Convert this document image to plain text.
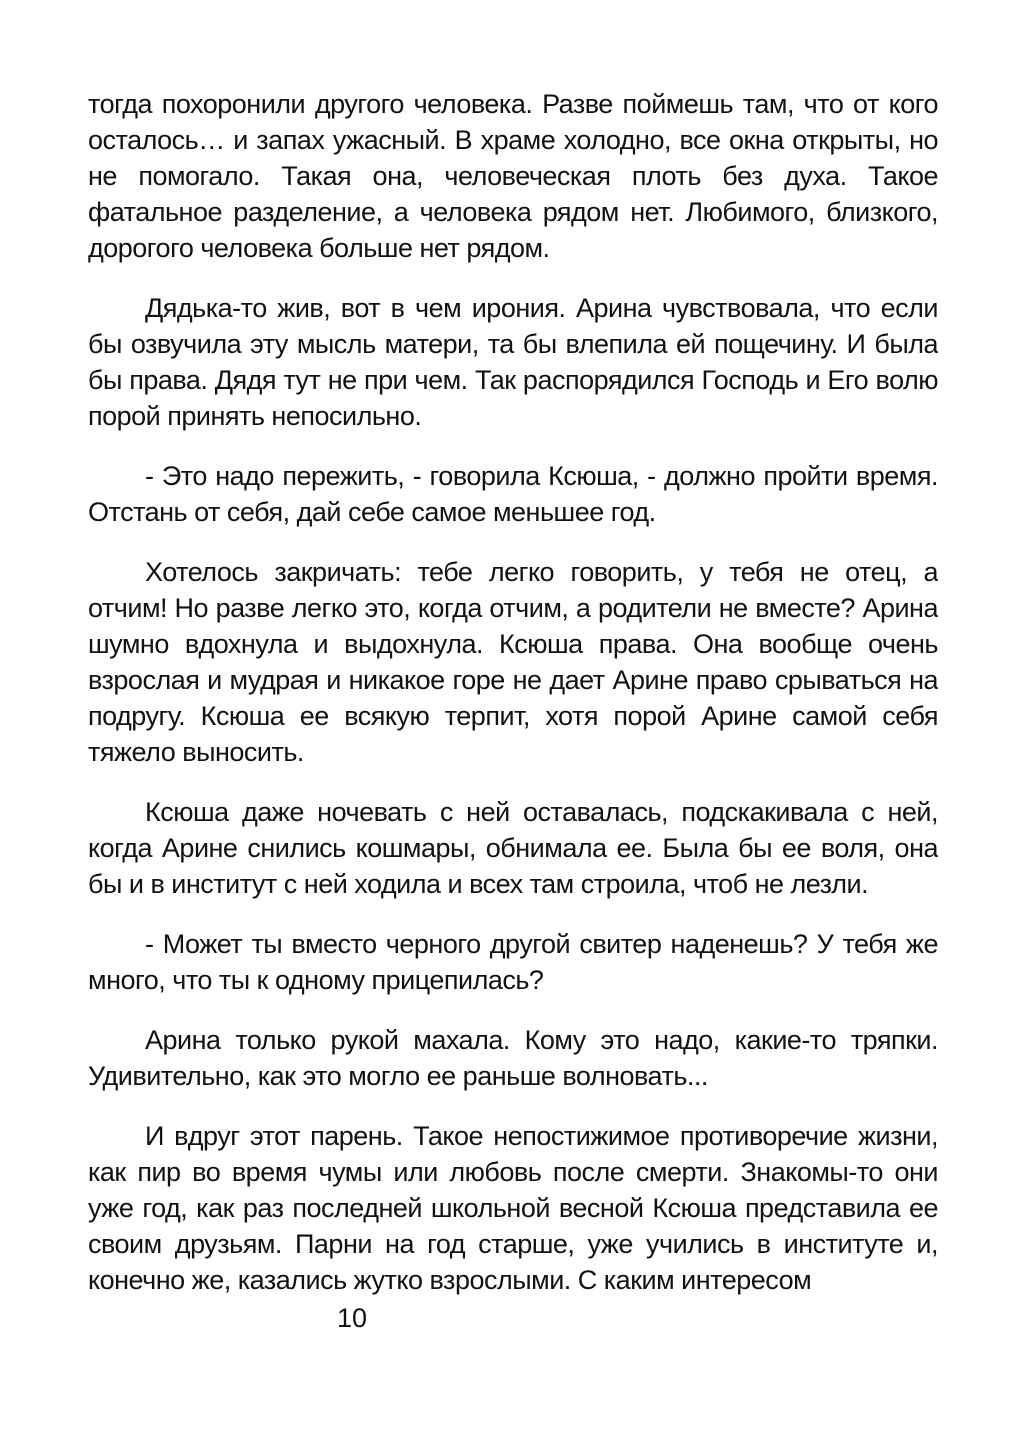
тогда похоронили другого человека. Разве поймешь там, что от кого осталось… и запах ужасный. В храме холодно, все окна открыты, но не помогало. Такая она, человеческая плоть без духа. Такое фатальное разделение, а человека рядом нет. Любимого, близкого, дорогого человека больше нет рядом.

Дядька-то жив, вот в чем ирония. Арина чувствовала, что если бы озвучила эту мысль матери, та бы влепила ей пощечину. И была бы права. Дядя тут не при чем. Так распорядился Господь и Его волю порой принять непосильно.

- Это надо пережить, - говорила Ксюша, - должно пройти время. Отстань от себя, дай себе самое меньшее год.

Хотелось закричать: тебе легко говорить, у тебя не отец, а отчим! Но разве легко это, когда отчим, а родители не вместе? Арина шумно вдохнула и выдохнула. Ксюша права. Она вообще очень взрослая и мудрая и никакое горе не дает Арине право срываться на подругу. Ксюша ее всякую терпит, хотя порой Арине самой себя тяжело выносить.

Ксюша даже ночевать с ней оставалась, подскакивала с ней, когда Арине снились кошмары, обнимала ее. Была бы ее воля, она бы и в институт с ней ходила и всех там строила, чтоб не лезли.

- Может ты вместо черного другой свитер наденешь? У тебя же много, что ты к одному прицепилась?

Арина только рукой махала. Кому это надо, какие-то тряпки. Удивительно, как это могло ее раньше волновать...

И вдруг этот парень. Такое непостижимое противоречие жизни, как пир во время чумы или любовь после смерти. Знакомы-то они уже год, как раз последней школьной весной Ксюша представила ее своим друзьям. Парни на год старше, уже учились в институте и, конечно же, казались жутко взрослыми. С каким интересом

10
